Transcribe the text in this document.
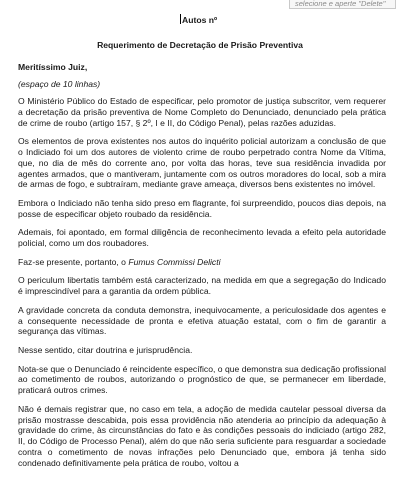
selecione e aperte "Delete"
Autos nº
Requerimento de Decretação de Prisão Preventiva
Meritíssimo Juiz,
(espaço de 10 linhas)

O Ministério Público do Estado de especificar, pelo promotor de justiça subscritor, vem requerer a decretação da prisão preventiva de Nome Completo do Denunciado, denunciado pela prática de crime de roubo (artigo 157, § 2º, I e II, do Código Penal), pelas razões aduzidas.

Os elementos de prova existentes nos autos do inquérito policial autorizam a conclusão de que o Indiciado foi um dos autores de violento crime de roubo perpetrado contra Nome da Vítima, que, no dia de mês do corrente ano, por volta das horas, teve sua residência invadida por agentes armados, que o mantiveram, juntamente com os outros moradores do local, sob a mira de armas de fogo, e subtraíram, mediante grave ameaça, diversos bens existentes no imóvel.

Embora o Indiciado não tenha sido preso em flagrante, foi surpreendido, poucos dias depois, na posse de especificar objeto roubado da residência.

Ademais, foi apontado, em formal diligência de reconhecimento levada a efeito pela autoridade policial, como um dos roubadores.

Faz-se presente, portanto, o Fumus Commissi Delicti

O periculum libertatis também está caracterizado, na medida em que a segregação do Indicado é imprescindível para a garantia da ordem pública.

A gravidade concreta da conduta demonstra, inequivocamente, a periculosidade dos agentes e a consequente necessidade de pronta e efetiva atuação estatal, com o fim de garantir a segurança das vítimas.

Nesse sentido, citar doutrina e jurisprudência.

Nota-se que o Denunciado é reincidente específico, o que demonstra sua dedicação profissional ao cometimento de roubos, autorizando o prognóstico de que, se permanecer em liberdade, praticará outros crimes.

Não é demais registrar que, no caso em tela, a adoção de medida cautelar pessoal diversa da prisão mostrasse descabida, pois essa providência não atenderia ao princípio da adequação à gravidade do crime, às circunstâncias do fato e às condições pessoais do indiciado (artigo 282, II, do Código de Processo Penal), além do que não seria suficiente para resguardar a sociedade contra o cometimento de novas infrações pelo Denunciado que, embora já tenha sido condenado definitivamente pela prática de roubo, voltou a
